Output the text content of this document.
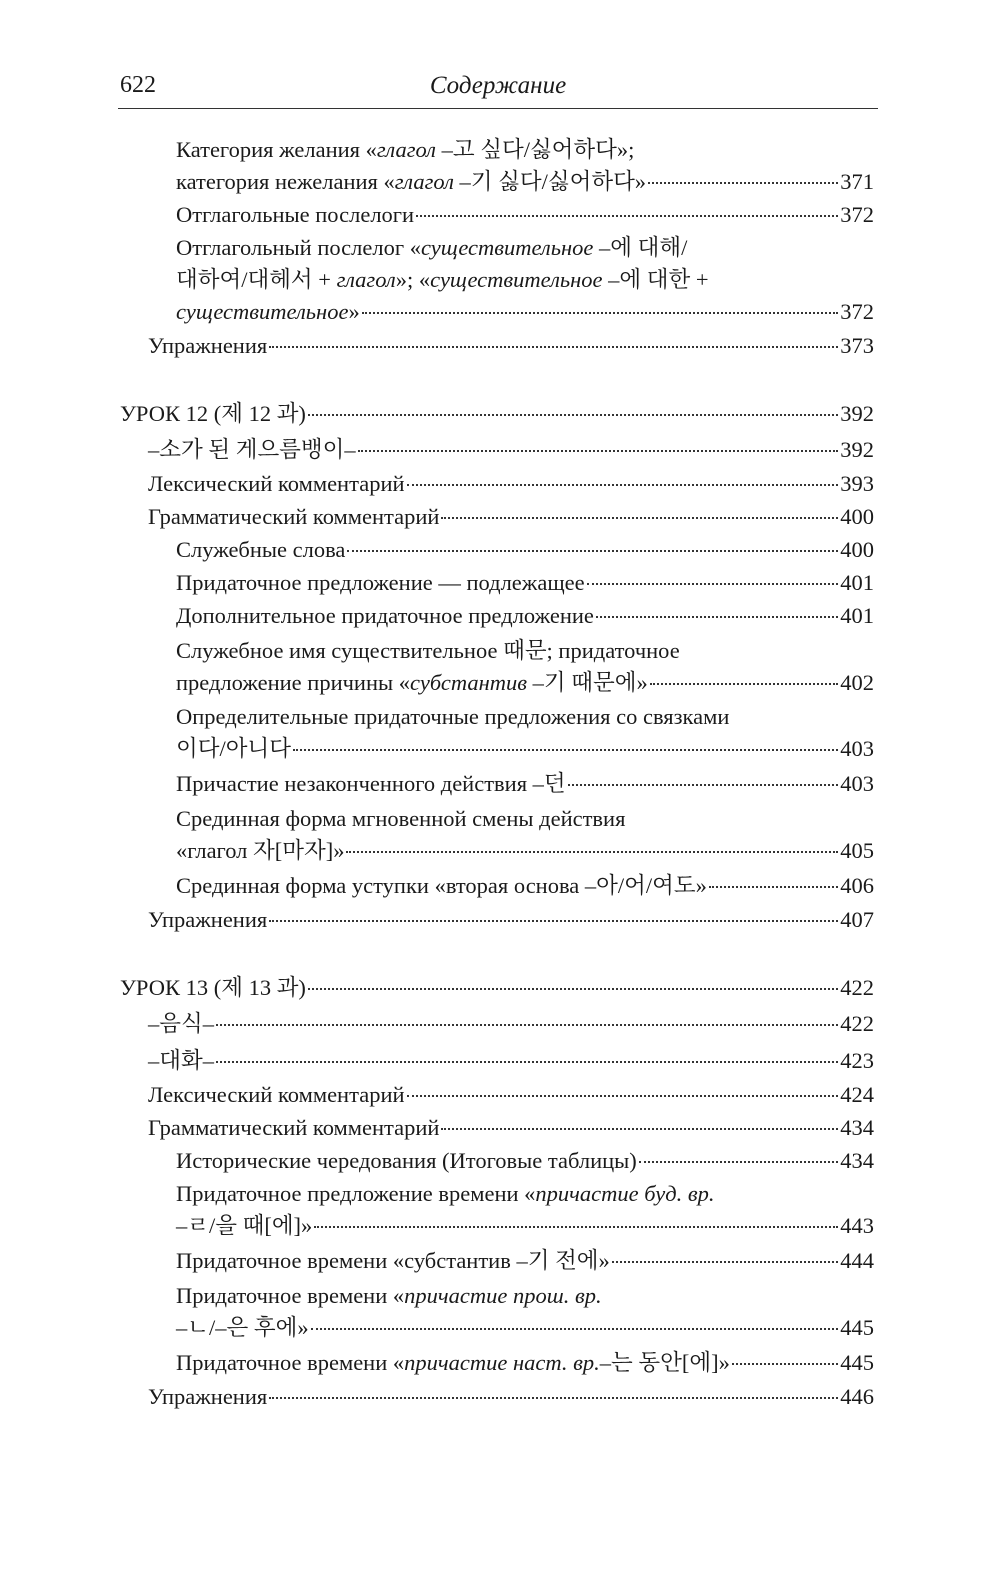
622	Содержание
Категория желания «глагол –고 싶다/싫어하다»;
категория нежелания «глагол –기 싫다/싫어하다»	371
Отглагольные послелоги	372
Отглагольный послелог «существительное –에 대해/
대하여/대헤서 + глагол»; «существительное –에 대한 +
существительное»	372
Упражнения	373
УРОК 12 (제 12 과)	392
–소가 된 게으름뱅이–	392
Лексический комментарий	393
Грамматический комментарий	400
Служебные слова	400
Придаточное предложение — подлежащее	401
Дополнительное придаточное предложение	401
Служебное имя существительное 때문; придаточное
предложение причины «субстантив –기 때문에»	402
Определительные придаточные предложения со связками
이다/아니다	403
Причастие незаконченного действия –던	403
Срединная форма мгновенной смены действия
«глагол 자[마자]»	405
Срединная форма уступки «вторая основа –아/어/여도»	406
Упражнения	407
УРОК 13 (제 13 과)	422
–음식–	422
–대화–	423
Лексический комментарий	424
Грамматический комментарий	434
Исторические чередования (Итоговые таблицы)	434
Придаточное предложение времени «причастие буд. вр.
–ㄹ/을 때[에]»	443
Придаточное времени «субстантив –기 전에»	444
Придаточное времени «причастие прош. вр.
–ㄴ/–은 후에»	445
Придаточное времени «причастие наст. вр.–는 동안[에]»	445
Упражнения	446
